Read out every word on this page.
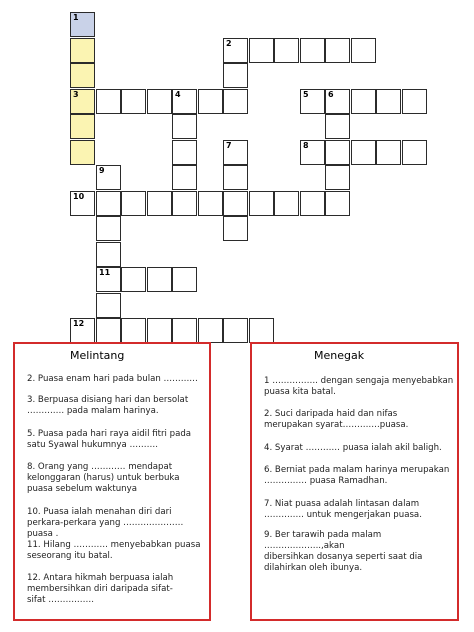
1
2
3	4	5 6
7	8
9
10
11
12
Melintang
2. Puasa enam hari pada bulan …………
3. Berpuasa disiang hari dan bersolat
…………. pada malam harinya.
5. Puasa pada hari raya aidil fitri pada
satu Syawal hukumnya ……….
8. Orang yang ………… mendapat
kelonggaran (harus) untuk berbuka
puasa sebelum waktunya
10. Puasa ialah menahan diri dari
perkara-perkara yang ………………… puasa .
11. Hilang ………… menyebabkan puasa
seseorang itu batal.
12. Antara hikmah berpuasa ialah
membersihkan diri daripada sifat-
sifat …………….
Menegak
1 ……………. dengan sengaja menyebabkan
puasa kita batal.
2. Suci daripada haid dan nifas
merupakan syarat………….puasa.
4. Syarat ………… puasa ialah akil baligh.
6. Berniat pada malam harinya merupakan
…………… puasa Ramadhan.
7. Niat puasa adalah lintasan dalam
………….. untuk mengerjakan puasa.
9. Ber tarawih pada malam ………………..,akan
dibersihkan dosanya seperti saat dia
dilahirkan oleh ibunya.
